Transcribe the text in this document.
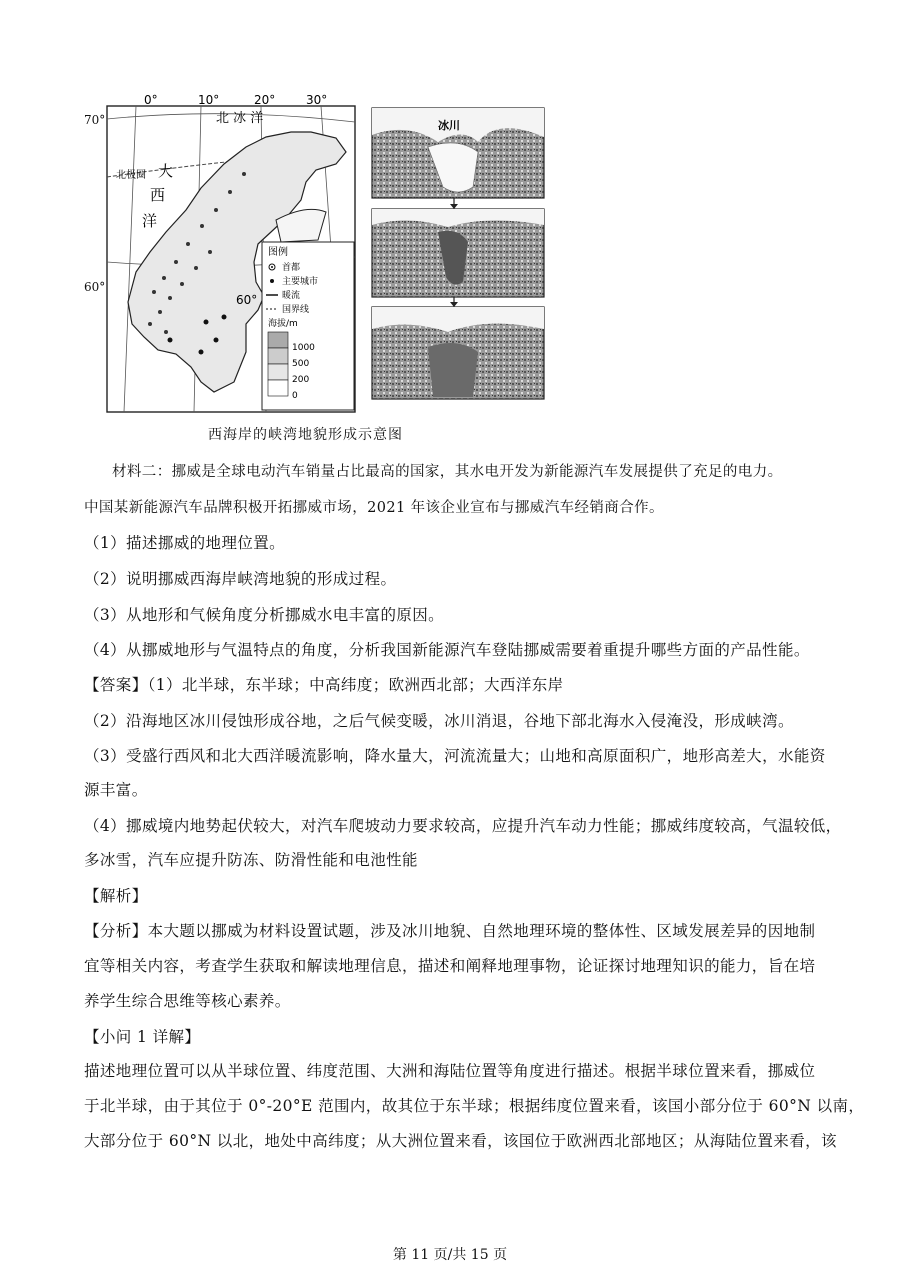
0°	10°	20°	30°
北 冰 洋
大
西
洋
北极圈
60°
图例
首都
主要城市
暖流
国界线
海拔/m
1000
500
200
0
70°
60°
冰川
西海岸的峡湾地貌形成示意图
材料二：挪威是全球电动汽车销量占比最高的国家，其水电开发为新能源汽车发展提供了充足的电力。
中国某新能源汽车品牌积极开拓挪威市场，2021 年该企业宣布与挪威汽车经销商合作。
（1）描述挪威的地理位置。
（2）说明挪威西海岸峡湾地貌的形成过程。
（3）从地形和气候角度分析挪威水电丰富的原因。
（4）从挪威地形与气温特点的角度，分析我国新能源汽车登陆挪威需要着重提升哪些方面的产品性能。
【答案】（1）北半球，东半球；中高纬度；欧洲西北部；大西洋东岸
（2）沿海地区冰川侵蚀形成谷地，之后气候变暖，冰川消退，谷地下部北海水入侵淹没，形成峡湾。
（3）受盛行西风和北大西洋暖流影响，降水量大，河流流量大；山地和高原面积广，地形高差大，水能资
源丰富。
（4）挪威境内地势起伏较大，对汽车爬坡动力要求较高，应提升汽车动力性能；挪威纬度较高，气温较低，
多冰雪，汽车应提升防冻、防滑性能和电池性能
【解析】
【分析】本大题以挪威为材料设置试题，涉及冰川地貌、自然地理环境的整体性、区域发展差异的因地制
宜等相关内容，考查学生获取和解读地理信息，描述和阐释地理事物，论证探讨地理知识的能力，旨在培
养学生综合思维等核心素养。
【小问 1 详解】
描述地理位置可以从半球位置、纬度范围、大洲和海陆位置等角度进行描述。根据半球位置来看，挪威位
于北半球，由于其位于 0°-20°E 范围内，故其位于东半球；根据纬度位置来看，该国小部分位于 60°N 以南，
大部分位于 60°N 以北，地处中高纬度；从大洲位置来看，该国位于欧洲西北部地区；从海陆位置来看，该
第 11 页/共 15 页
